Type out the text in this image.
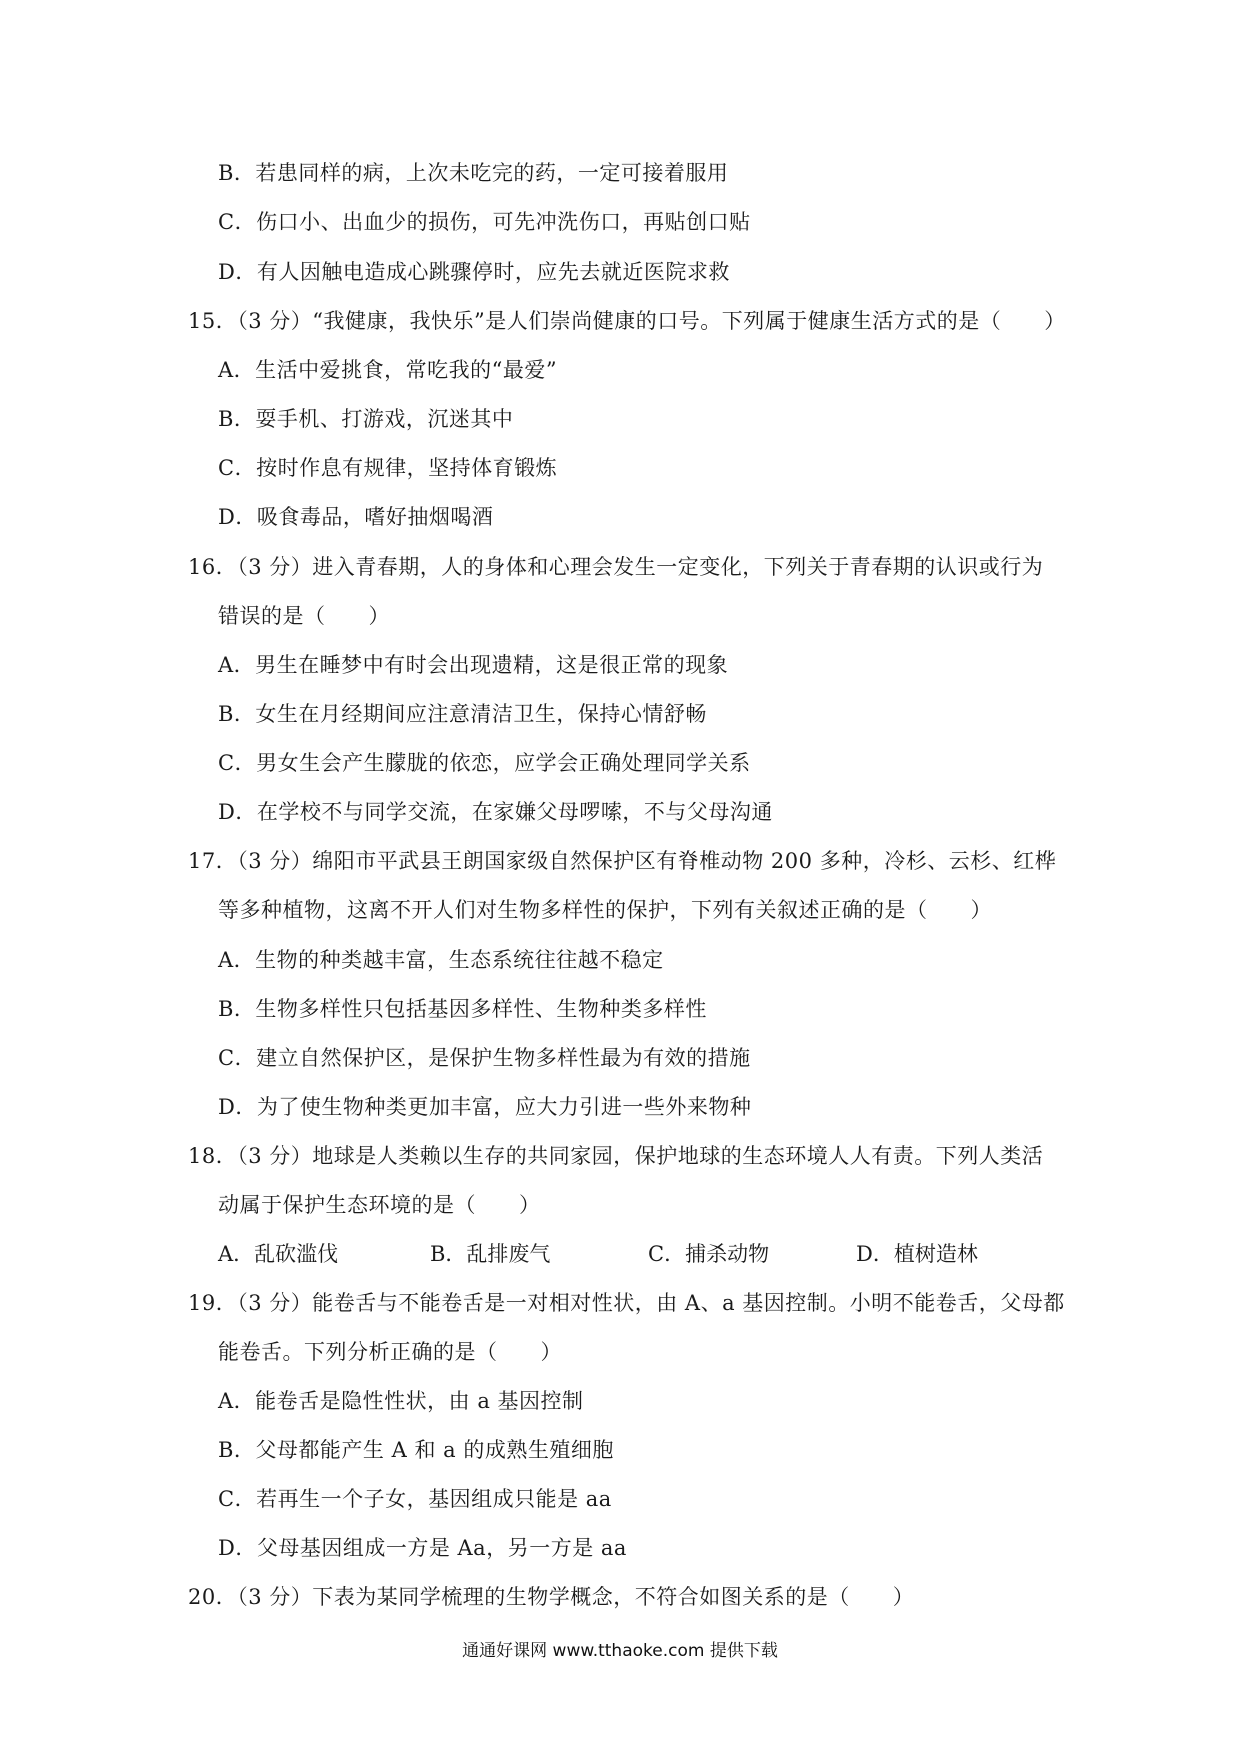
B．若患同样的病，上次未吃完的药，一定可接着服用
C．伤口小、出血少的损伤，可先冲洗伤口，再贴创口贴
D．有人因触电造成心跳骤停时，应先去就近医院求救
15．（3 分）“我健康，我快乐”是人们崇尚健康的口号。下列属于健康生活方式的是（　　）
A．生活中爱挑食，常吃我的“最爱”
B．耍手机、打游戏，沉迷其中
C．按时作息有规律，坚持体育锻炼
D．吸食毒品，嗜好抽烟喝酒
16．（3 分）进入青春期，人的身体和心理会发生一定变化，下列关于青春期的认识或行为
错误的是（　　）
A．男生在睡梦中有时会出现遗精，这是很正常的现象
B．女生在月经期间应注意清洁卫生，保持心情舒畅
C．男女生会产生朦胧的依恋，应学会正确处理同学关系
D．在学校不与同学交流，在家嫌父母啰嗦，不与父母沟通
17．（3 分）绵阳市平武县王朗国家级自然保护区有脊椎动物 200 多种，冷杉、云杉、红桦
等多种植物，这离不开人们对生物多样性的保护，下列有关叙述正确的是（　　）
A．生物的种类越丰富，生态系统往往越不稳定
B．生物多样性只包括基因多样性、生物种类多样性
C．建立自然保护区，是保护生物多样性最为有效的措施
D．为了使生物种类更加丰富，应大力引进一些外来物种
18．（3 分）地球是人类赖以生存的共同家园，保护地球的生态环境人人有责。下列人类活
动属于保护生态环境的是（　　）
A．乱砍滥伐	B．乱排废气	C．捕杀动物	D．植树造林
19．（3 分）能卷舌与不能卷舌是一对相对性状，由 A、a 基因控制。小明不能卷舌，父母都
能卷舌。下列分析正确的是（　　）
A．能卷舌是隐性性状，由 a 基因控制
B．父母都能产生 A 和 a 的成熟生殖细胞
C．若再生一个子女，基因组成只能是 aa
D．父母基因组成一方是 Aa，另一方是 aa
20．（3 分）下表为某同学梳理的生物学概念，不符合如图关系的是（　　）
通通好课网 www.tthaoke.com 提供下载
